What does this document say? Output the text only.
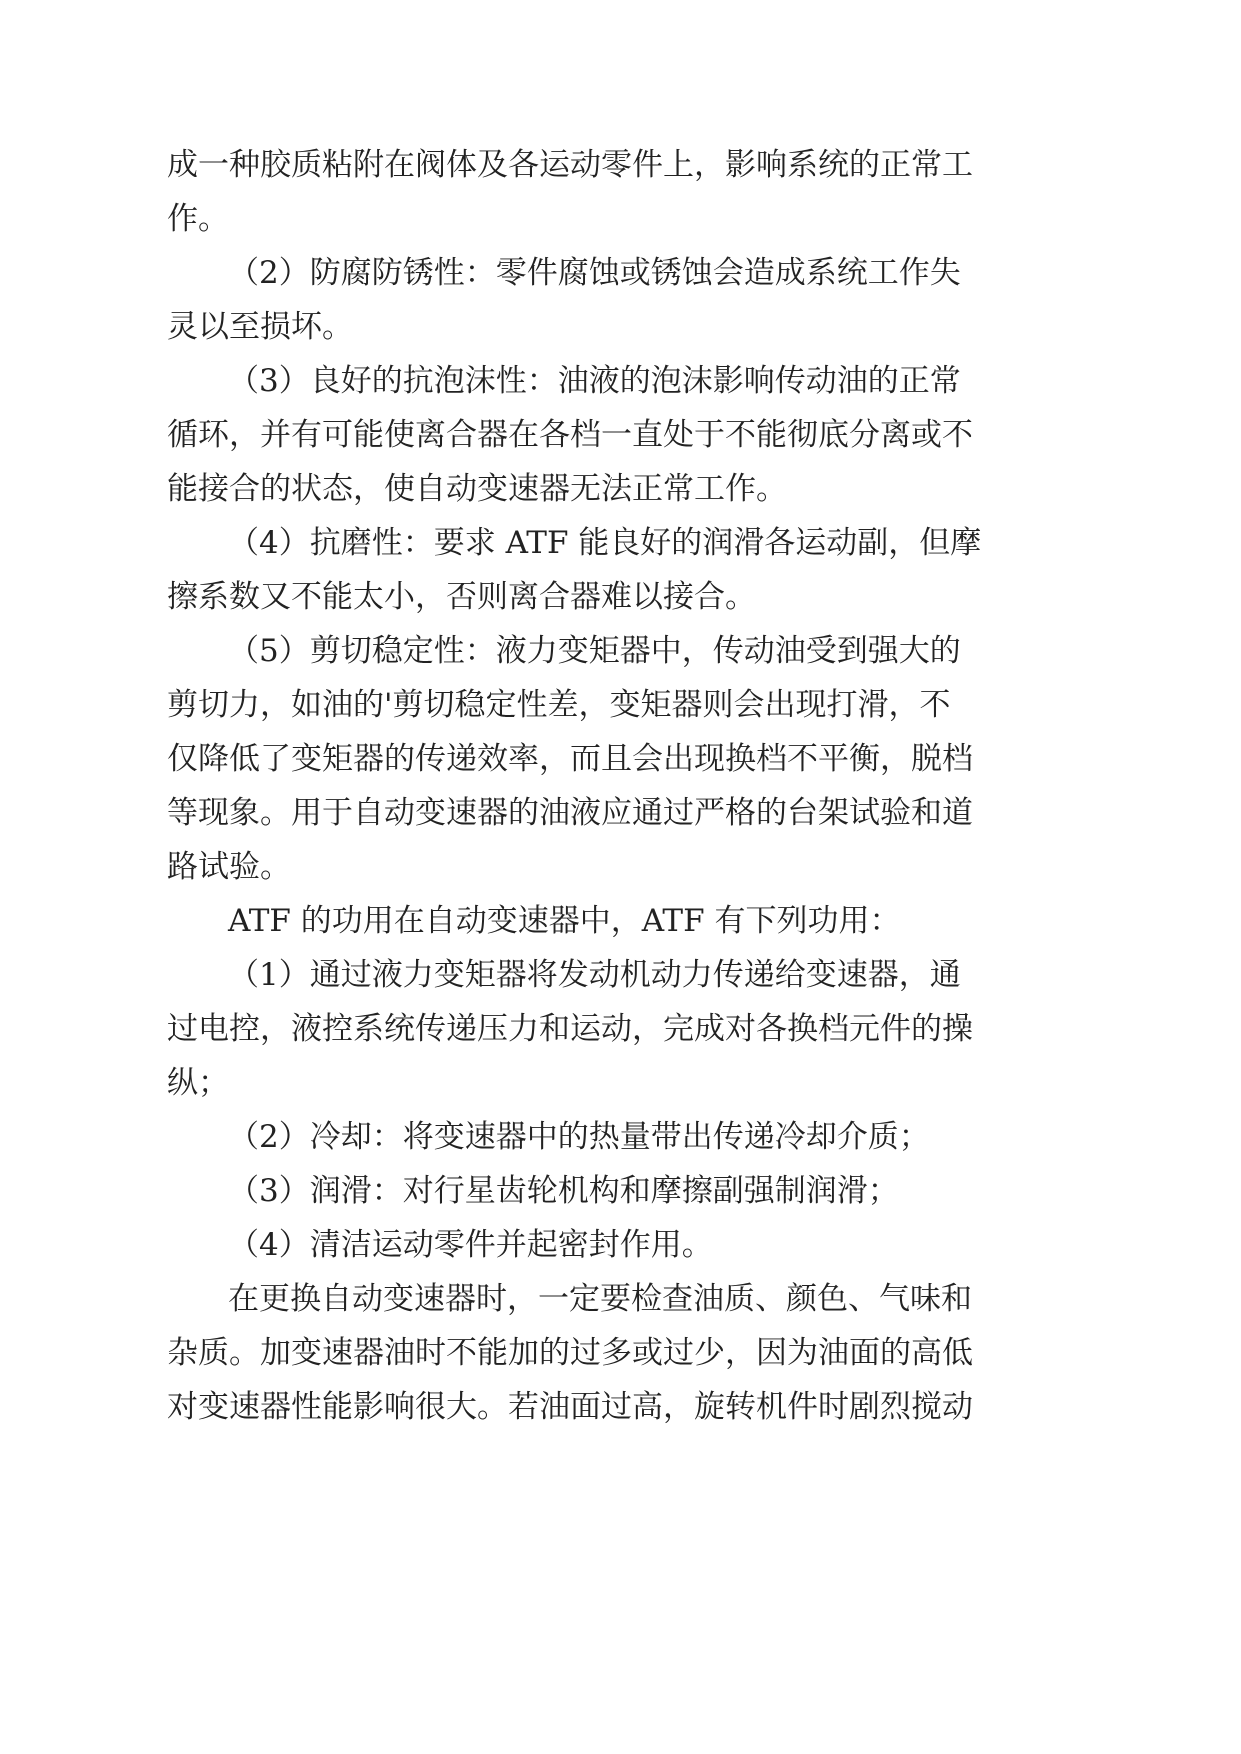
成一种胶质粘附在阀体及各运动零件上，影响系统的正常工

作。

（2）防腐防锈性：零件腐蚀或锈蚀会造成系统工作失

灵以至损坏。

（3）良好的抗泡沫性：油液的泡沫影响传动油的正常

循环，并有可能使离合器在各档一直处于不能彻底分离或不

能接合的状态，使自动变速器无法正常工作。

（4）抗磨性：要求 ATF 能良好的润滑各运动副，但摩

擦系数又不能太小，否则离合器难以接合。

（5）剪切稳定性：液力变矩器中，传动油受到强大的

剪切力，如油的'剪切稳定性差，变矩器则会出现打滑，不

仅降低了变矩器的传递效率，而且会出现换档不平衡，脱档

等现象。用于自动变速器的油液应通过严格的台架试验和道

路试验。

ATF 的功用在自动变速器中，ATF 有下列功用：

（1）通过液力变矩器将发动机动力传递给变速器，通

过电控，液控系统传递压力和运动，完成对各换档元件的操

纵；

（2）冷却：将变速器中的热量带出传递冷却介质；

（3）润滑：对行星齿轮机构和摩擦副强制润滑；

（4）清洁运动零件并起密封作用。

在更换自动变速器时，一定要检查油质、颜色、气味和

杂质。加变速器油时不能加的过多或过少，因为油面的高低

对变速器性能影响很大。若油面过高，旋转机件时剧烈搅动
